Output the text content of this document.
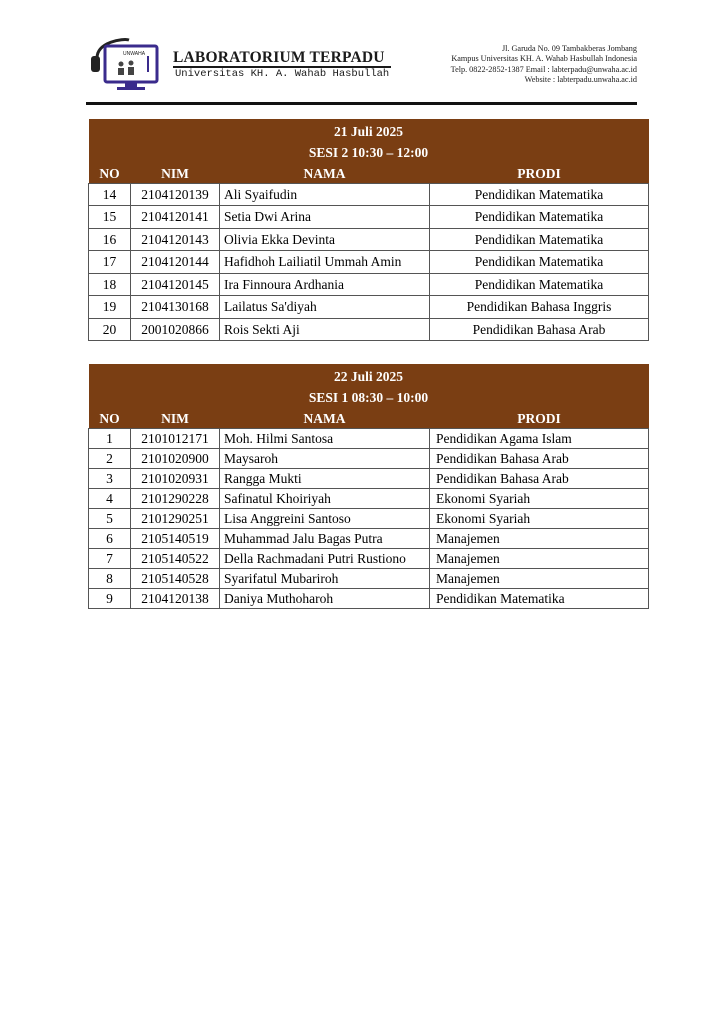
UNWAHA LABORATORIUM TERPADU
Universitas KH. A. Wahab Hasbullah
Jl. Garuda No. 09 Tambakberas Jombang
Kampus Universitas KH. A. Wahab Hasbullah Indonesia
Telp. 0822-2852-1387 Email : labterpadu@unwaha.ac.id
Website : labterpadu.unwaha.ac.id
21 Juli 2025			
SESI 2 10:30 – 12:00			
NO	NIM	NAMA	PRODI
14	2104120139	Ali Syaifudin	Pendidikan Matematika
15	2104120141	Setia Dwi Arina	Pendidikan Matematika
16	2104120143	Olivia Ekka Devinta	Pendidikan Matematika
17	2104120144	Hafidhoh Lailiatil Ummah Amin	Pendidikan Matematika
18	2104120145	Ira Finnoura Ardhania	Pendidikan Matematika
19	2104130168	Lailatus Sa'diyah	Pendidikan Bahasa Inggris
20	2001020866	Rois Sekti Aji	Pendidikan Bahasa Arab
22 Juli 2025			
SESI 1 08:30 – 10:00			
NO	NIM	NAMA	PRODI
1	2101012171	Moh. Hilmi Santosa	Pendidikan Agama Islam
2	2101020900	Maysaroh	Pendidikan Bahasa Arab
3	2101020931	Rangga Mukti	Pendidikan Bahasa Arab
4	2101290228	Safinatul Khoiriyah	Ekonomi Syariah
5	2101290251	Lisa Anggreini Santoso	Ekonomi Syariah
6	2105140519	Muhammad Jalu Bagas Putra	Manajemen
7	2105140522	Della Rachmadani Putri Rustiono	Manajemen
8	2105140528	Syarifatul Mubariroh	Manajemen
9	2104120138	Daniya Muthoharoh	Pendidikan Matematika
